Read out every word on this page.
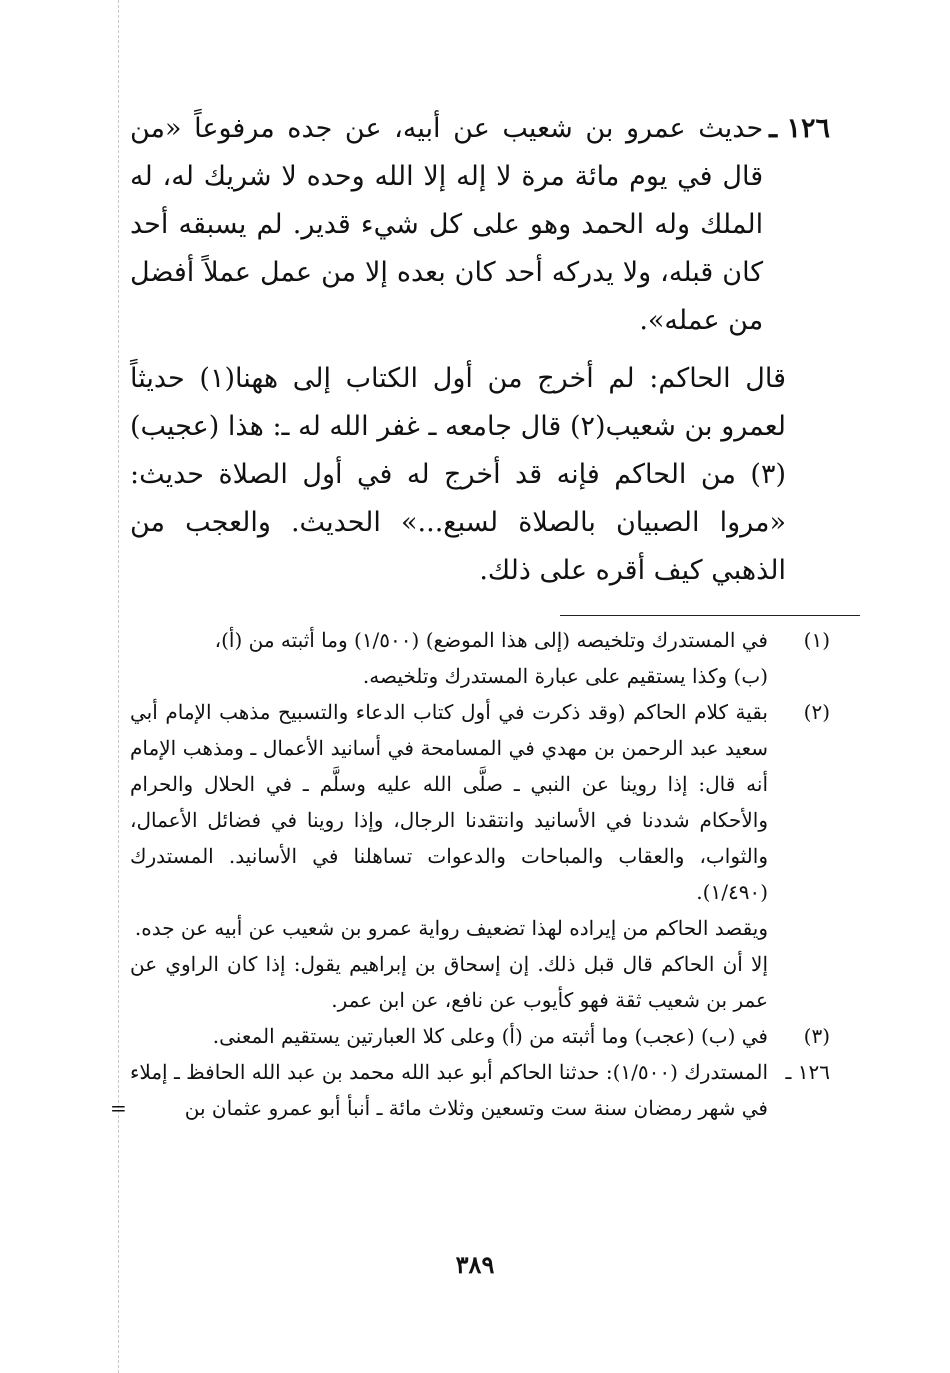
١٢٦ ـ

حديث عمرو بن شعيب عن أبيه، عن جده مرفوعاً «من قال في يوم مائة مرة لا إله إلا الله وحده لا شريك له، له الملك وله الحمد وهو على كل شيء قدير. لم يسبقه أحد كان قبله، ولا يدركه أحد كان بعده إلا من عمل عملاً أفضل من عمله».

قال الحاكم: لم أخرج من أول الكتاب إلى ههنا(١) حديثاً لعمرو بن شعيب(٢) قال جامعه ـ غفر الله له ـ: هذا (عجيب)(٣) من الحاكم فإنه قد أخرج له في أول الصلاة حديث: «مروا الصبيان بالصلاة لسبع...» الحديث. والعجب من الذهبي كيف أقره على ذلك.

(١)
في المستدرك وتلخيصه (إلى هذا الموضع) (١/٥٠٠) وما أثبته من (أ)،
(ب) وكذا يستقيم على عبارة المستدرك وتلخيصه.
(٢)
بقية كلام الحاكم (وقد ذكرت في أول كتاب الدعاء والتسبيح مذهب الإمام أبي سعيد عبد الرحمن بن مهدي في المسامحة في أسانيد الأعمال ـ ومذهب الإمام أنه قال: إذا روينا عن النبي ـ صلَّى الله عليه وسلَّم ـ في الحلال والحرام والأحكام شددنا في الأسانيد وانتقدنا الرجال، وإذا روينا في فضائل الأعمال، والثواب، والعقاب والمباحات والدعوات تساهلنا في الأسانيد. المستدرك (١/٤٩٠).
ويقصد الحاكم من إيراده لهذا تضعيف رواية عمرو بن شعيب عن أبيه عن جده.
إلا أن الحاكم قال قبل ذلك. إن إسحاق بن إبراهيم يقول: إذا كان الراوي عن عمر بن شعيب ثقة فهو كأيوب عن نافع، عن ابن عمر.
(٣)
في (ب) (عجب) وما أثبته من (أ) وعلى كلا العبارتين يستقيم المعنى.
١٢٦ ـ
المستدرك (١/٥٠٠): حدثنا الحاكم أبو عبد الله محمد بن عبد الله الحافظ ـ إملاء
في شهر رمضان سنة ست وتسعين وثلاث مائة ـ أنبأ أبو عمرو عثمان بن
=
٣٨٩
